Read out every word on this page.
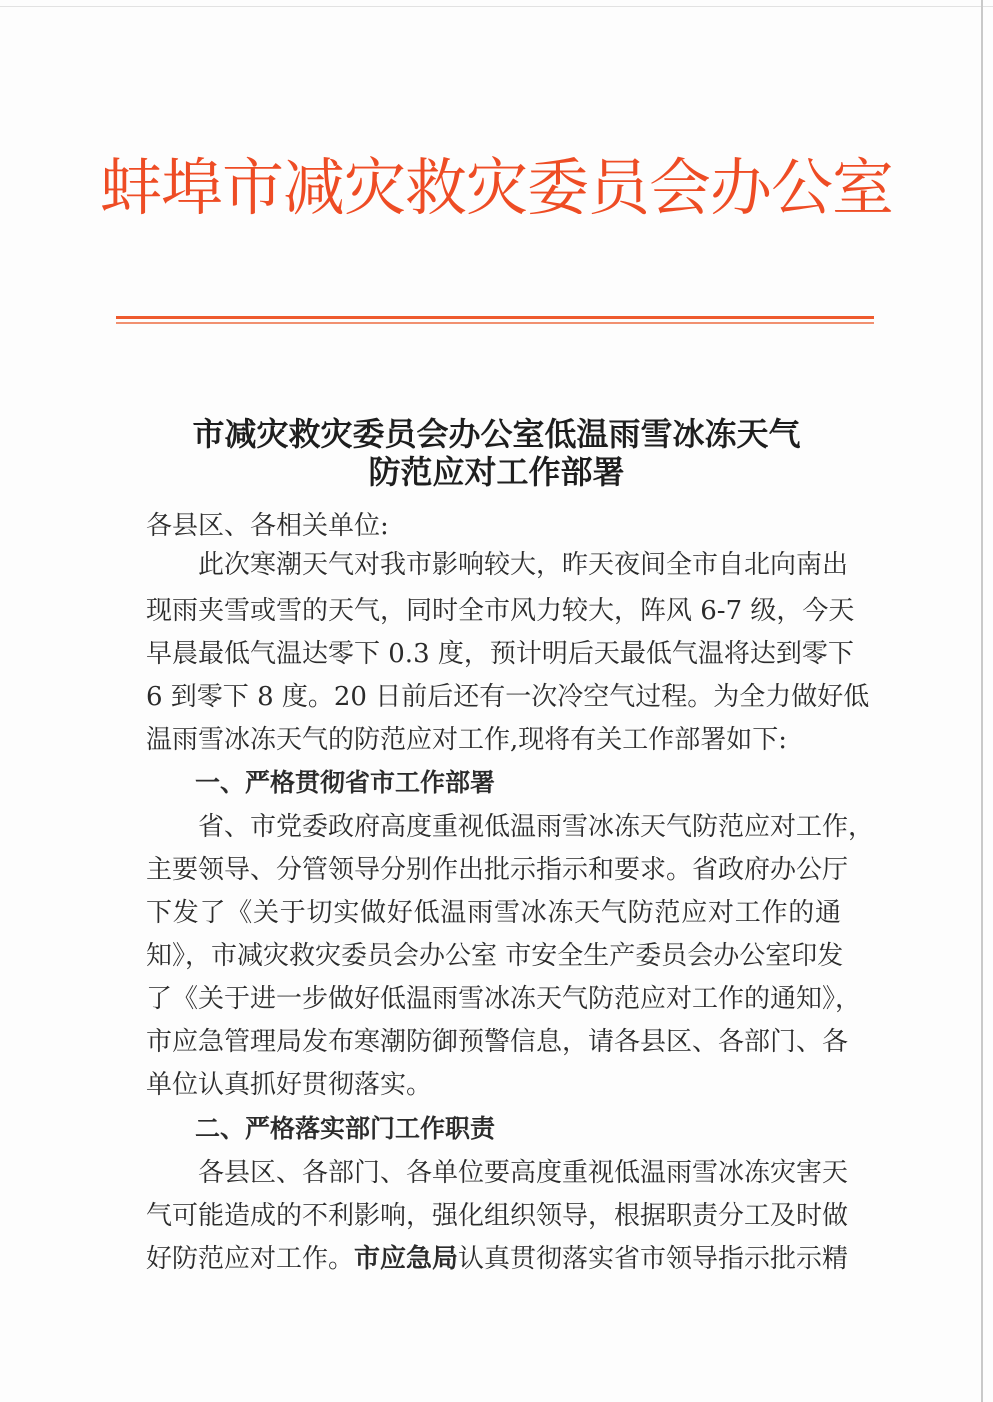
蚌埠市减灾救灾委员会办公室
市减灾救灾委员会办公室低温雨雪冰冻天气
防范应对工作部署
各县区、各相关单位:
此次寒潮天气对我市影响较大，昨天夜间全市自北向南出
现雨夹雪或雪的天气，同时全市风力较大，阵风 6-7 级，今天
早晨最低气温达零下 0.3 度，预计明后天最低气温将达到零下
6 到零下 8 度。20 日前后还有一次冷空气过程。为全力做好低
温雨雪冰冻天气的防范应对工作,现将有关工作部署如下:
一、严格贯彻省市工作部署
省、市党委政府高度重视低温雨雪冰冻天气防范应对工作，
主要领导、分管领导分别作出批示指示和要求。省政府办公厅
下发了《关于切实做好低温雨雪冰冻天气防范应对工作的通
知》，市减灾救灾委员会办公室 市安全生产委员会办公室印发
了《关于进一步做好低温雨雪冰冻天气防范应对工作的通知》，
市应急管理局发布寒潮防御预警信息，请各县区、各部门、各
单位认真抓好贯彻落实。
二、严格落实部门工作职责
各县区、各部门、各单位要高度重视低温雨雪冰冻灾害天
气可能造成的不利影响，强化组织领导，根据职责分工及时做
好防范应对工作。市应急局认真贯彻落实省市领导指示批示精
